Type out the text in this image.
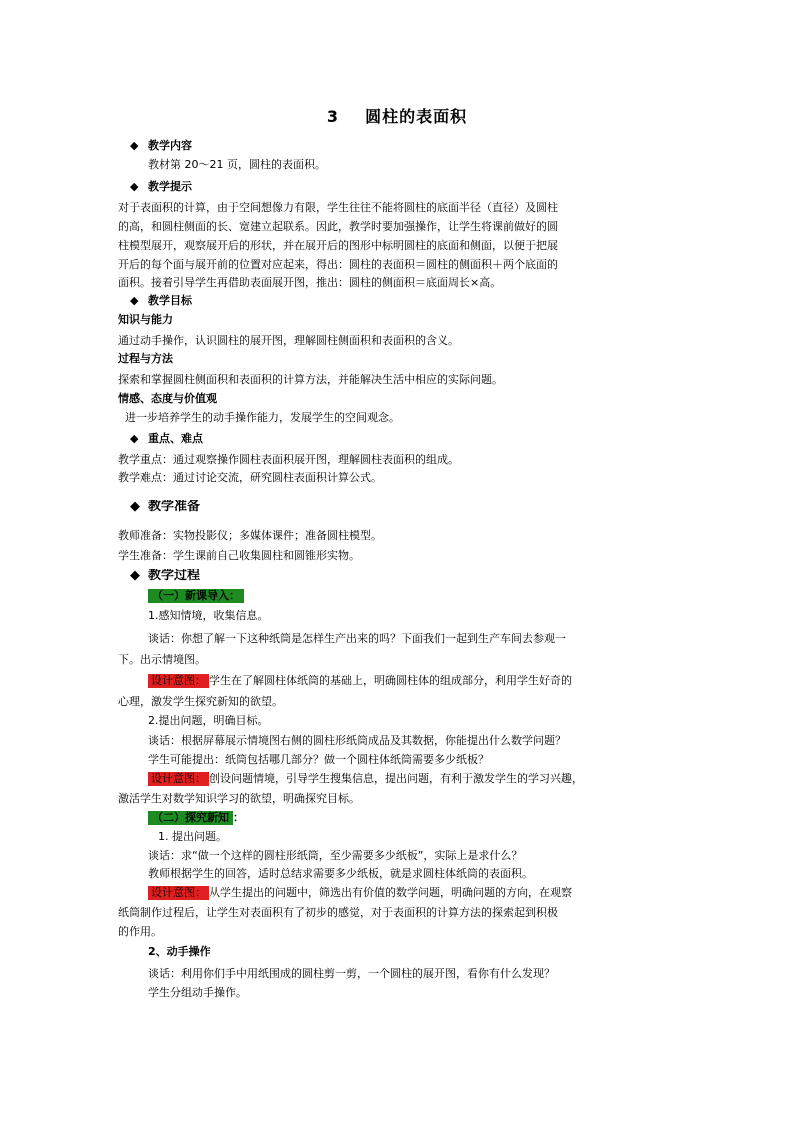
3 圆柱的表面积
◆ 教学内容
教材第 20～21 页，圆柱的表面积。
◆ 教学提示
对于表面积的计算，由于空间想像力有限，学生往往不能将圆柱的底面半径（直径）及圆柱
的高，和圆柱侧面的长、宽建立起联系。因此，教学时要加强操作，让学生将课前做好的圆
柱模型展开，观察展开后的形状，并在展开后的图形中标明圆柱的底面和侧面，以便于把展
开后的每个面与展开前的位置对应起来，得出：圆柱的表面积＝圆柱的侧面积＋两个底面的
面积。接着引导学生再借助表面展开图，推出：圆柱的侧面积＝底面周长×高。
◆ 教学目标
知识与能力
通过动手操作，认识圆柱的展开图，理解圆柱侧面积和表面积的含义。
过程与方法
探索和掌握圆柱侧面积和表面积的计算方法，并能解决生活中相应的实际问题。
情感、态度与价值观
进一步培养学生的动手操作能力，发展学生的空间观念。
◆ 重点、难点
教学重点：通过观察操作圆柱表面积展开图，理解圆柱表面积的组成。
教学难点：通过讨论交流，研究圆柱表面积计算公式。
◆ 教学准备
教师准备：实物投影仪；多媒体课件；准备圆柱模型。
学生准备：学生课前自己收集圆柱和圆锥形实物。
◆ 教学过程
（一）新课导入：
1.感知情境，收集信息。
谈话：你想了解一下这种纸筒是怎样生产出来的吗？下面我们一起到生产车间去参观一
下。出示情境图。
设计意图： 学生在了解圆柱体纸筒的基础上，明确圆柱体的组成部分，利用学生好奇的
心理，激发学生探究新知的欲望。
2.提出问题，明确目标。
谈话：根据屏幕展示情境图右侧的圆柱形纸筒成品及其数据，你能提出什么数学问题？
学生可能提出：纸筒包括哪几部分？做一个圆柱体纸筒需要多少纸板？
设计意图： 创设问题情境，引导学生搜集信息，提出问题，有利于激发学生的学习兴趣，
激活学生对数学知识学习的欲望，明确探究目标。
（二）探究新知 ：
1. 提出问题。
谈话：求“做一个这样的圆柱形纸筒，至少需要多少纸板”，实际上是求什么？
教师根据学生的回答，适时总结求需要多少纸板，就是求圆柱体纸筒的表面积。
设计意图： 从学生提出的问题中，筛选出有价值的数学问题，明确问题的方向，在观察
纸筒制作过程后，让学生对表面积有了初步的感觉，对于表面积的计算方法的探索起到积极
的作用。
2、动手操作
谈话：利用你们手中用纸围成的圆柱剪一剪，一个圆柱的展开图，看你有什么发现？
学生分组动手操作。
